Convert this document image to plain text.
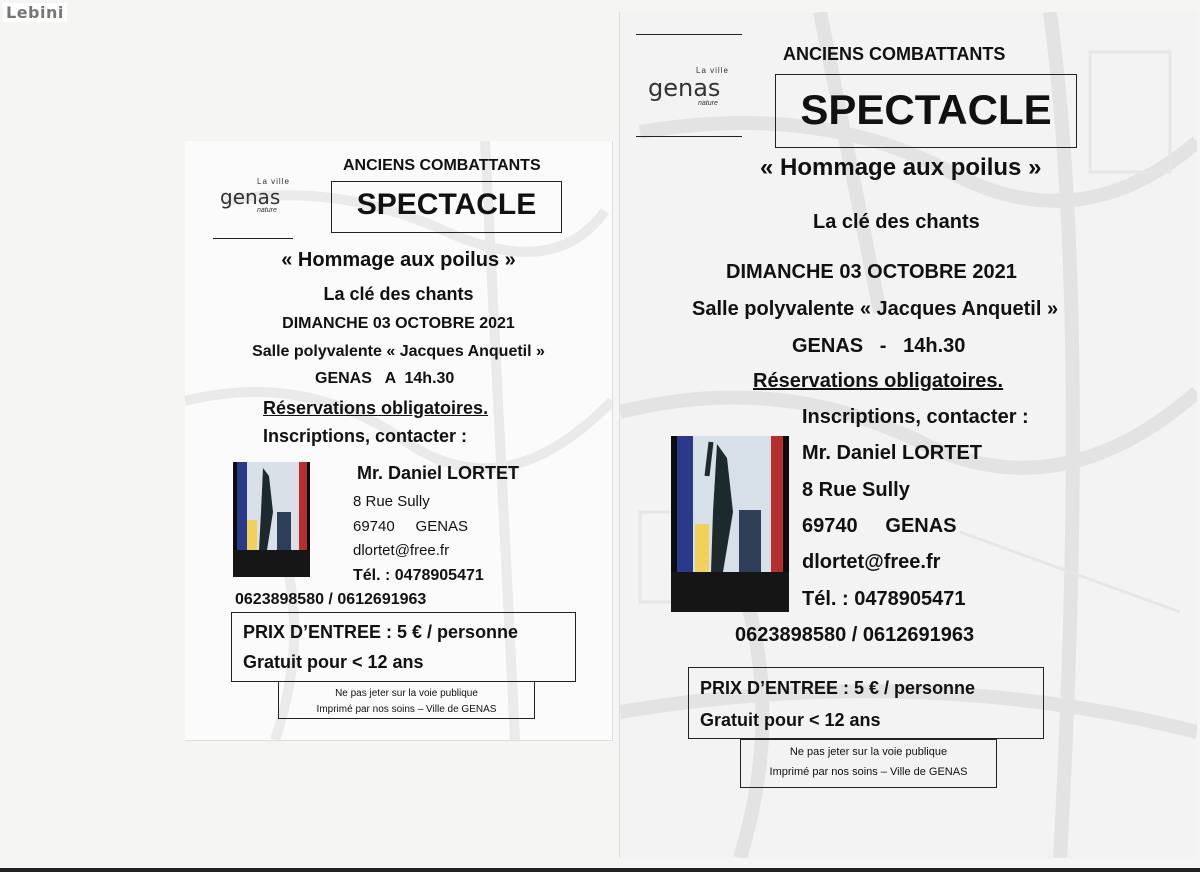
Lebini
La ville
genas
nature
ANCIENS COMBATTANTS
SPECTACLE
« Hommage aux poilus »
La clé des chants
DIMANCHE 03 OCTOBRE 2021
Salle polyvalente « Jacques Anquetil »
GENAS   A  14h.30
Réservations obligatoires.
Inscriptions, contacter :
Mr. Daniel LORTET
8 Rue Sully
69740     GENAS
dlortet@free.fr
Tél. : 0478905471
0623898580 / 0612691963
PRIX D’ENTREE : 5 € / personne
Gratuit pour < 12 ans
Ne pas jeter sur la voie publique
Imprimé par nos soins – Ville de GENAS
La ville
genas
nature
ANCIENS COMBATTANTS
SPECTACLE
« Hommage aux poilus »
La clé des chants
DIMANCHE 03 OCTOBRE 2021
Salle polyvalente « Jacques Anquetil »
GENAS   -   14h.30
Réservations obligatoires.
Inscriptions, contacter :
Mr. Daniel LORTET
8 Rue Sully
69740     GENAS
dlortet@free.fr
Tél. : 0478905471
0623898580 / 0612691963
PRIX D’ENTREE : 5 € / personne
Gratuit pour < 12 ans
Ne pas jeter sur la voie publique
Imprimé par nos soins – Ville de GENAS
